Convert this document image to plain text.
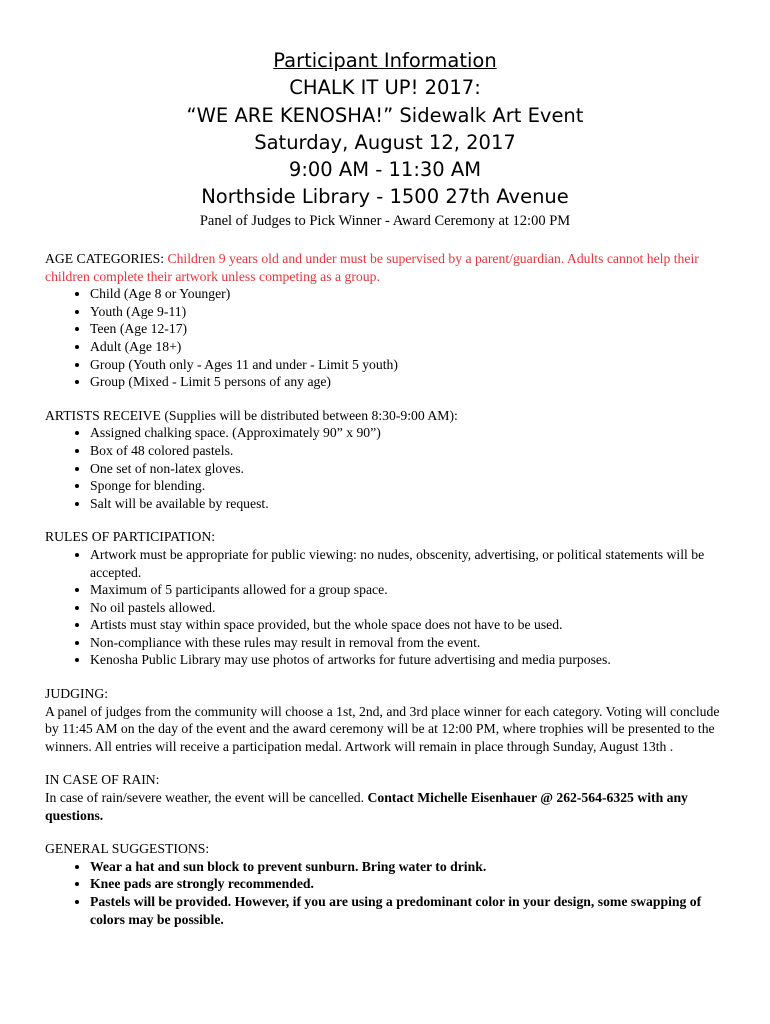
Participant Information
CHALK IT UP! 2017:
“WE ARE KENOSHA!” Sidewalk Art Event
Saturday, August 12, 2017
9:00 AM - 11:30 AM
Northside Library - 1500 27th Avenue
Panel of Judges to Pick Winner - Award Ceremony at 12:00 PM

AGE CATEGORIES: Children 9 years old and under must be supervised by a parent/guardian. Adults cannot help their children complete their artwork unless competing as a group.

• Child (Age 8 or Younger)
• Youth (Age 9-11)
• Teen (Age 12-17)
• Adult (Age 18+)
• Group (Youth only - Ages 11 and under - Limit 5 youth)
• Group (Mixed - Limit 5 persons of any age)

ARTISTS RECEIVE (Supplies will be distributed between 8:30-9:00 AM):

• Assigned chalking space. (Approximately 90” x 90”)
• Box of 48 colored pastels.
• One set of non-latex gloves.
• Sponge for blending.
• Salt will be available by request.

RULES OF PARTICIPATION:

• Artwork must be appropriate for public viewing: no nudes, obscenity, advertising, or political statements will be accepted.
• Maximum of 5 participants allowed for a group space.
• No oil pastels allowed.
• Artists must stay within space provided, but the whole space does not have to be used.
• Non-compliance with these rules may result in removal from the event.
• Kenosha Public Library may use photos of artworks for future advertising and media purposes.

JUDGING:

A panel of judges from the community will choose a 1st, 2nd, and 3rd place winner for each category. Voting will conclude by 11:45 AM on the day of the event and the award ceremony will be at 12:00 PM, where trophies will be presented to the winners. All entries will receive a participation medal. Artwork will remain in place through Sunday, August 13th .

IN CASE OF RAIN:

In case of rain/severe weather, the event will be cancelled. Contact Michelle Eisenhauer @ 262-564-6325 with any questions.

GENERAL SUGGESTIONS:

• Wear a hat and sun block to prevent sunburn. Bring water to drink.
• Knee pads are strongly recommended.
• Pastels will be provided. However, if you are using a predominant color in your design, some swapping of colors may be possible.
